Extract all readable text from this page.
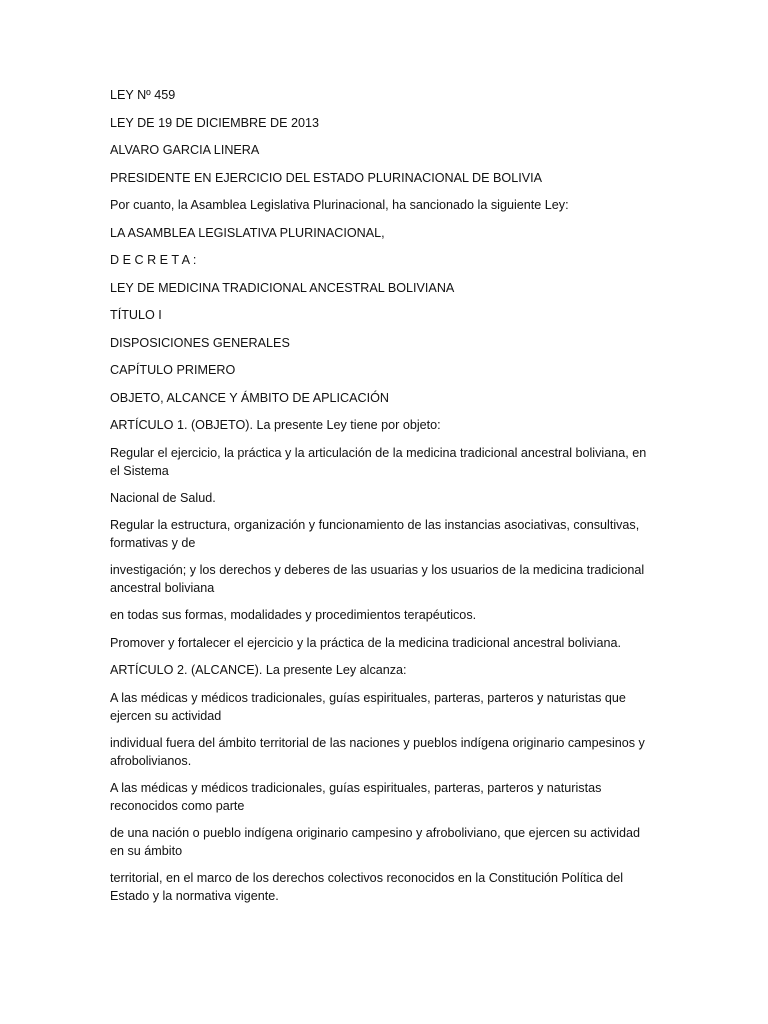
LEY Nº 459

LEY DE 19 DE DICIEMBRE DE 2013

ALVARO GARCIA LINERA

PRESIDENTE EN EJERCICIO DEL ESTADO PLURINACIONAL DE BOLIVIA

Por cuanto, la Asamblea Legislativa Plurinacional, ha sancionado la siguiente Ley:

LA ASAMBLEA LEGISLATIVA PLURINACIONAL,

D E C R E T A :

LEY DE MEDICINA TRADICIONAL ANCESTRAL BOLIVIANA

TÍTULO I

DISPOSICIONES GENERALES

CAPÍTULO PRIMERO

OBJETO, ALCANCE Y ÁMBITO DE APLICACIÓN

ARTÍCULO 1. (OBJETO). La presente Ley tiene por objeto:

Regular el ejercicio, la práctica y la articulación de la medicina tradicional ancestral boliviana, en el Sistema

Nacional de Salud.

Regular la estructura, organización y funcionamiento de las instancias asociativas, consultivas, formativas y de

investigación; y los derechos y deberes de las usuarias y los usuarios de la medicina tradicional ancestral boliviana

en todas sus formas, modalidades y procedimientos terapéuticos.

Promover y fortalecer el ejercicio y la práctica de la medicina tradicional ancestral boliviana.

ARTÍCULO 2. (ALCANCE). La presente Ley alcanza:

A las médicas y médicos tradicionales, guías espirituales, parteras, parteros y naturistas que ejercen su actividad

individual fuera del ámbito territorial de las naciones y pueblos indígena originario campesinos y afrobolivianos.

A las médicas y médicos tradicionales, guías espirituales, parteras, parteros y naturistas reconocidos como parte

de una nación o pueblo indígena originario campesino y afroboliviano, que ejercen su actividad en su ámbito

territorial, en el marco de los derechos colectivos reconocidos en la Constitución Política del Estado y la normativa vigente.
